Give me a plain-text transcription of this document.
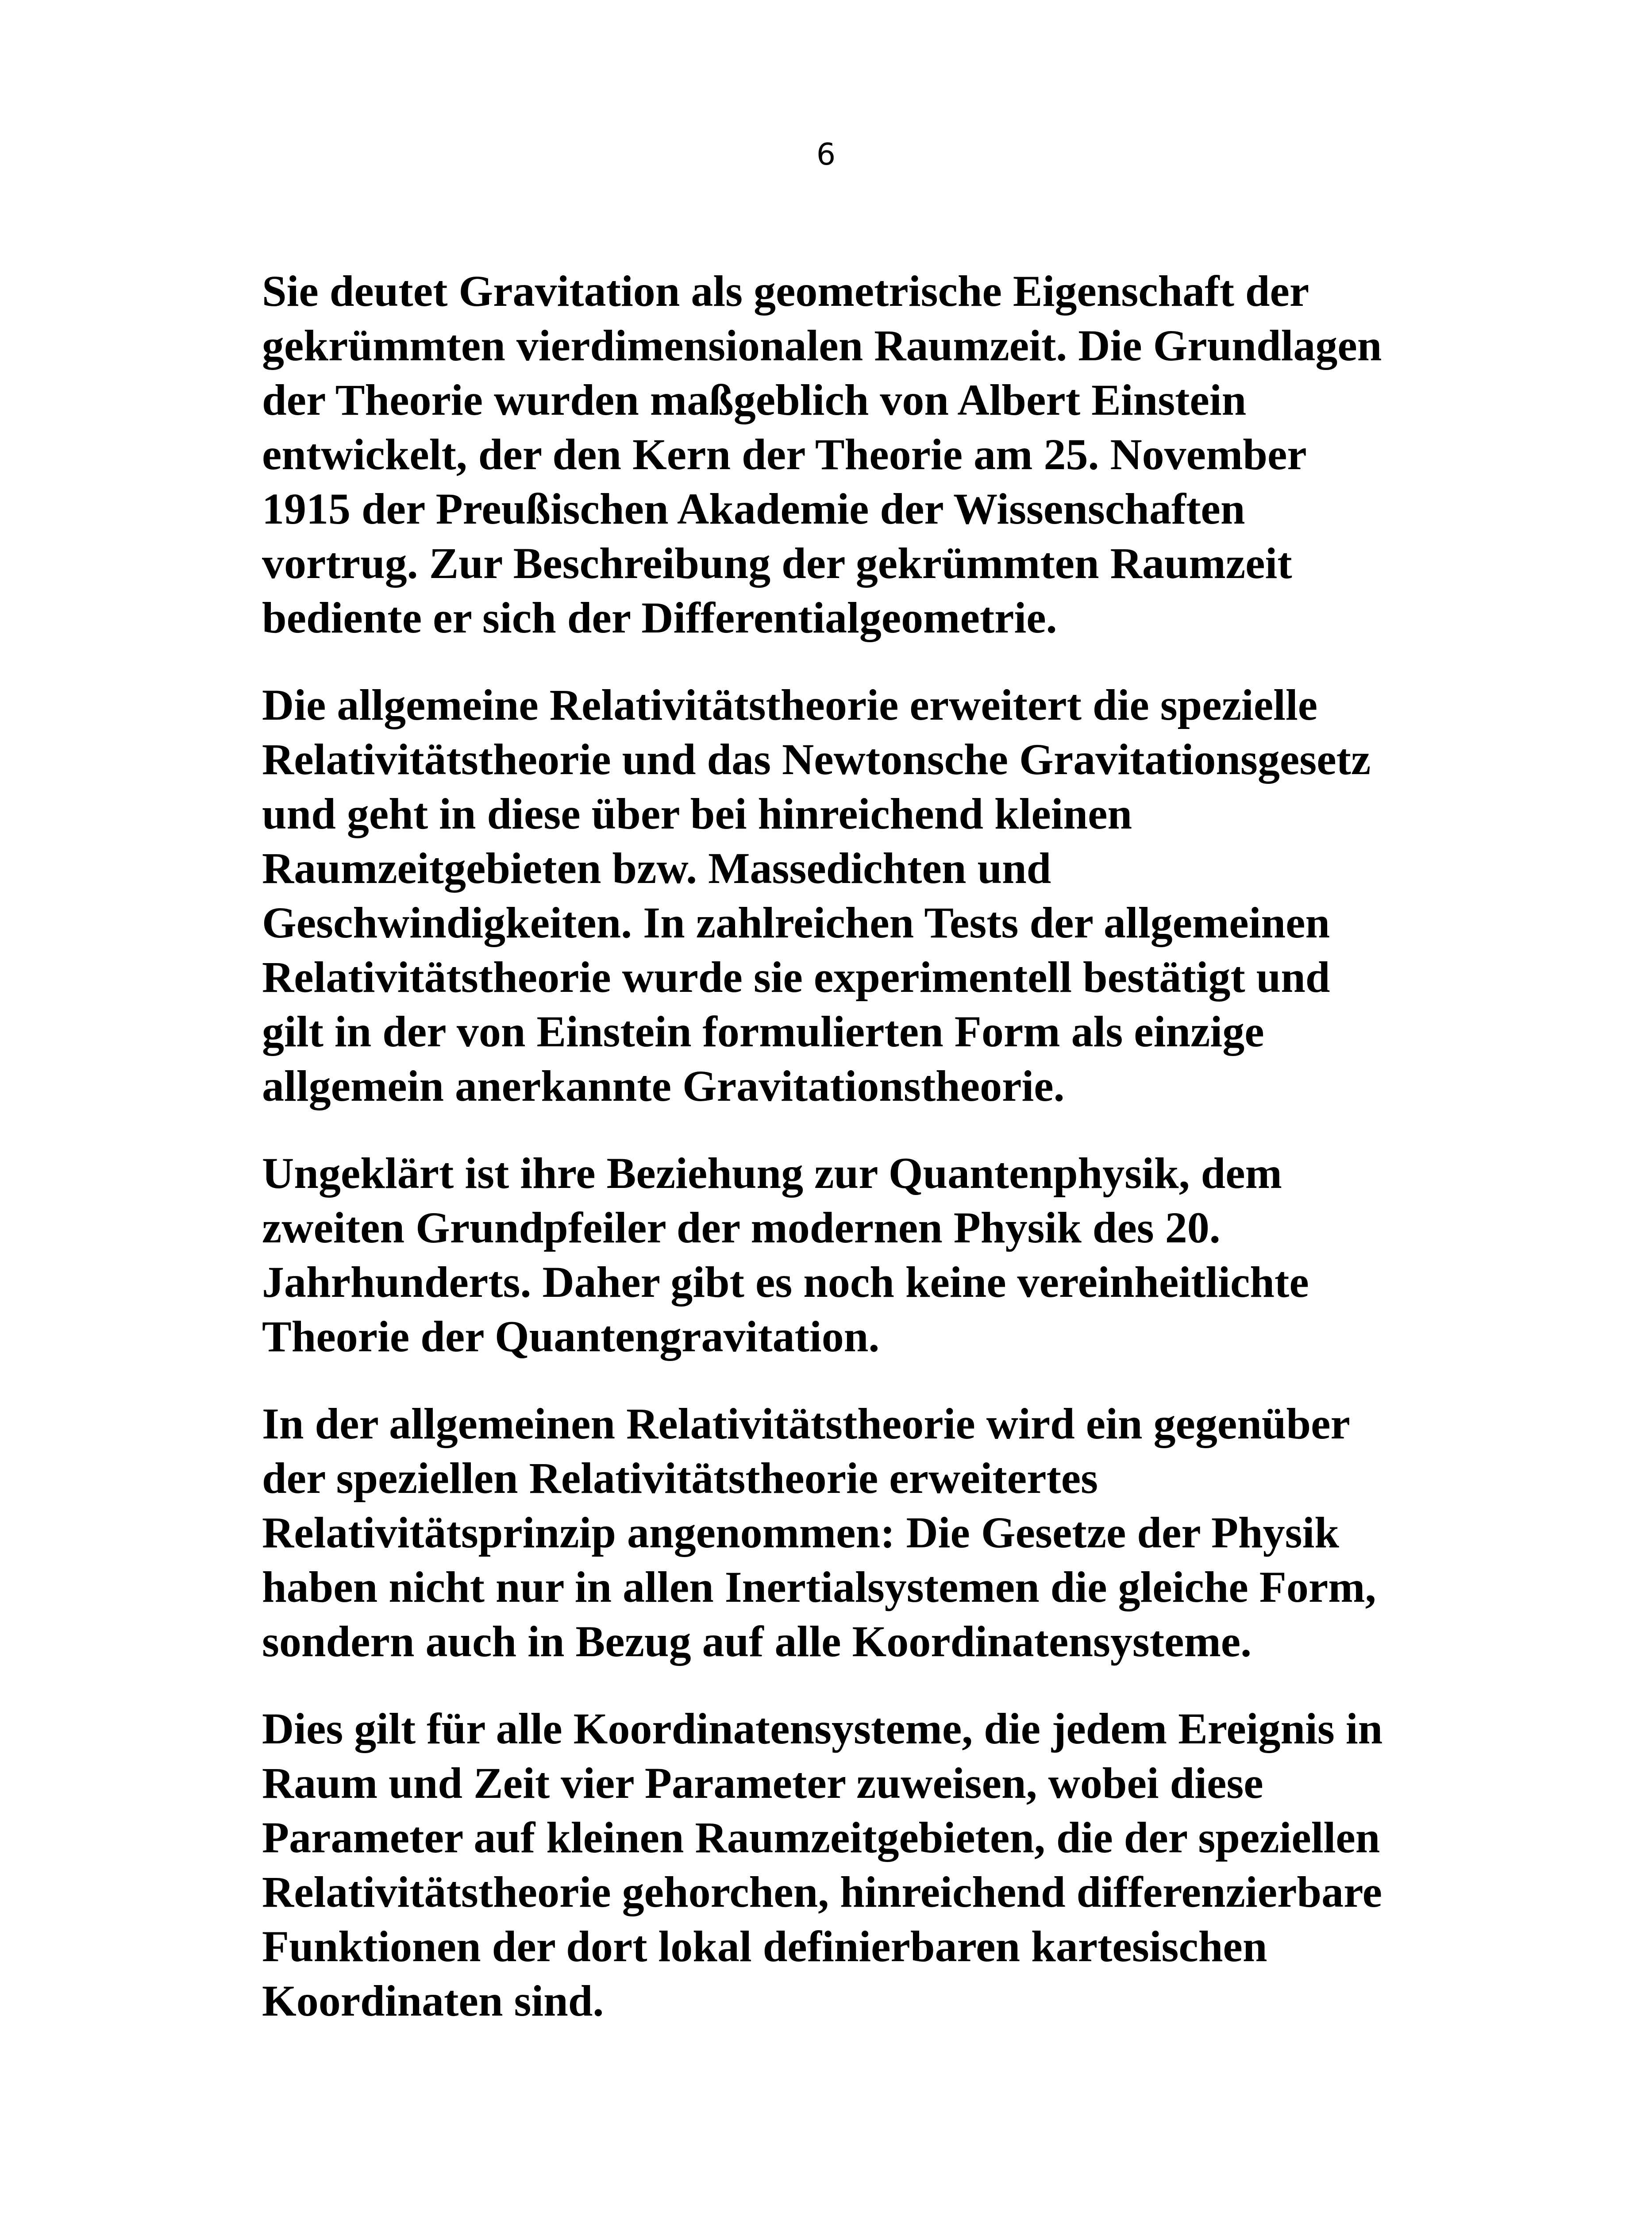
6
Sie deutet Gravitation als geometrische Eigenschaft der
gekrümmten vierdimensionalen Raumzeit. Die Grundlagen
der Theorie wurden maßgeblich von Albert Einstein
entwickelt, der den Kern der Theorie am 25. November
1915 der Preußischen Akademie der Wissenschaften
vortrug. Zur Beschreibung der gekrümmten Raumzeit
bediente er sich der Differentialgeometrie.
Die allgemeine Relativitätstheorie erweitert die spezielle
Relativitätstheorie und das Newtonsche Gravitationsgesetz
und geht in diese über bei hinreichend kleinen
Raumzeitgebieten bzw. Massedichten und
Geschwindigkeiten. In zahlreichen Tests der allgemeinen
Relativitätstheorie wurde sie experimentell bestätigt und
gilt in der von Einstein formulierten Form als einzige
allgemein anerkannte Gravitationstheorie.
Ungeklärt ist ihre Beziehung zur Quantenphysik, dem
zweiten Grundpfeiler der modernen Physik des 20.
Jahrhunderts. Daher gibt es noch keine vereinheitlichte
Theorie der Quantengravitation.
In der allgemeinen Relativitätstheorie wird ein gegenüber
der speziellen Relativitätstheorie erweitertes
Relativitätsprinzip angenommen: Die Gesetze der Physik
haben nicht nur in allen Inertialsystemen die gleiche Form,
sondern auch in Bezug auf alle Koordinatensysteme.
Dies gilt für alle Koordinatensysteme, die jedem Ereignis in
Raum und Zeit vier Parameter zuweisen, wobei diese
Parameter auf kleinen Raumzeitgebieten, die der speziellen
Relativitätstheorie gehorchen, hinreichend differenzierbare
Funktionen der dort lokal definierbaren kartesischen
Koordinaten sind.
